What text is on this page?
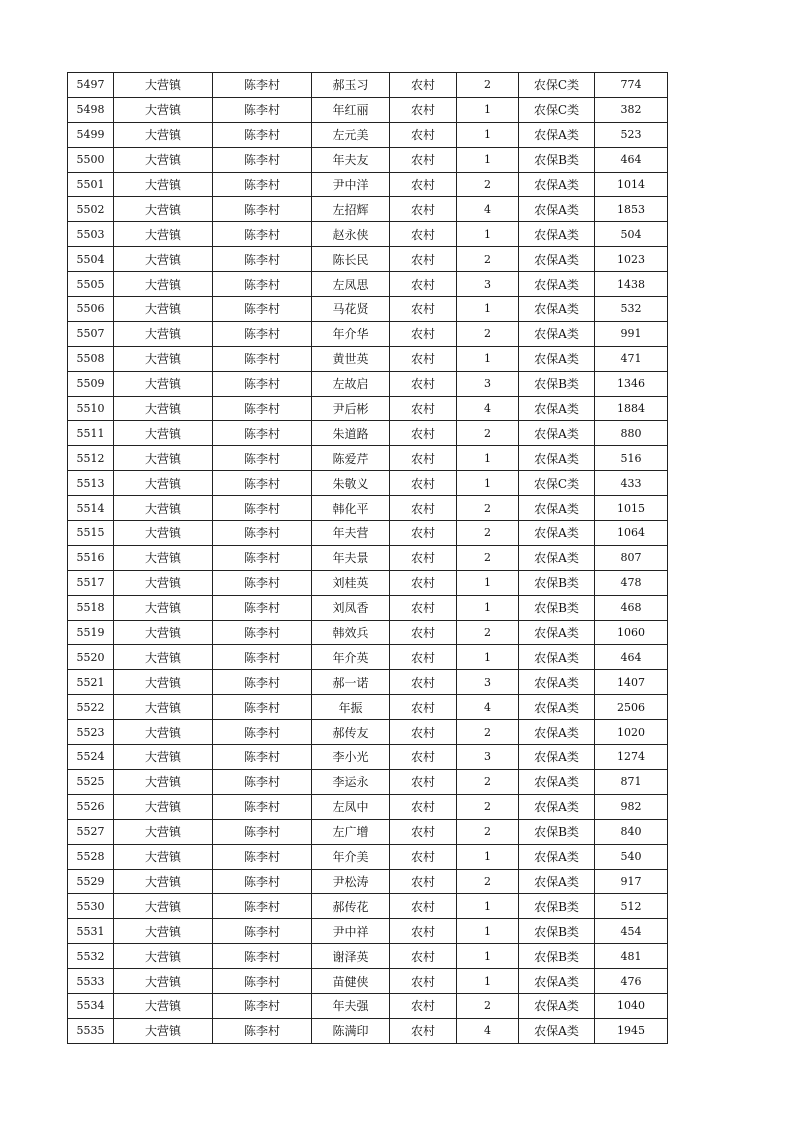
5497	大营镇	陈李村	郝玉习	农村	2	农保C类	774
5498	大营镇	陈李村	年红丽	农村	1	农保C类	382
5499	大营镇	陈李村	左元美	农村	1	农保A类	523
5500	大营镇	陈李村	年夫友	农村	1	农保B类	464
5501	大营镇	陈李村	尹中洋	农村	2	农保A类	1014
5502	大营镇	陈李村	左招辉	农村	4	农保A类	1853
5503	大营镇	陈李村	赵永侠	农村	1	农保A类	504
5504	大营镇	陈李村	陈长民	农村	2	农保A类	1023
5505	大营镇	陈李村	左凤思	农村	3	农保A类	1438
5506	大营镇	陈李村	马花贤	农村	1	农保A类	532
5507	大营镇	陈李村	年介华	农村	2	农保A类	991
5508	大营镇	陈李村	黄世英	农村	1	农保A类	471
5509	大营镇	陈李村	左故启	农村	3	农保B类	1346
5510	大营镇	陈李村	尹后彬	农村	4	农保A类	1884
5511	大营镇	陈李村	朱道路	农村	2	农保A类	880
5512	大营镇	陈李村	陈爱芹	农村	1	农保A类	516
5513	大营镇	陈李村	朱敬义	农村	1	农保C类	433
5514	大营镇	陈李村	韩化平	农村	2	农保A类	1015
5515	大营镇	陈李村	年夫营	农村	2	农保A类	1064
5516	大营镇	陈李村	年夫景	农村	2	农保A类	807
5517	大营镇	陈李村	刘桂英	农村	1	农保B类	478
5518	大营镇	陈李村	刘凤香	农村	1	农保B类	468
5519	大营镇	陈李村	韩效兵	农村	2	农保A类	1060
5520	大营镇	陈李村	年介英	农村	1	农保A类	464
5521	大营镇	陈李村	郝一诺	农村	3	农保A类	1407
5522	大营镇	陈李村	年振	农村	4	农保A类	2506
5523	大营镇	陈李村	郝传友	农村	2	农保A类	1020
5524	大营镇	陈李村	李小光	农村	3	农保A类	1274
5525	大营镇	陈李村	李运永	农村	2	农保A类	871
5526	大营镇	陈李村	左凤中	农村	2	农保A类	982
5527	大营镇	陈李村	左广增	农村	2	农保B类	840
5528	大营镇	陈李村	年介美	农村	1	农保A类	540
5529	大营镇	陈李村	尹松涛	农村	2	农保A类	917
5530	大营镇	陈李村	郝传花	农村	1	农保B类	512
5531	大营镇	陈李村	尹中祥	农村	1	农保B类	454
5532	大营镇	陈李村	谢泽英	农村	1	农保B类	481
5533	大营镇	陈李村	苗健侠	农村	1	农保A类	476
5534	大营镇	陈李村	年夫强	农村	2	农保A类	1040
5535	大营镇	陈李村	陈满印	农村	4	农保A类	1945
